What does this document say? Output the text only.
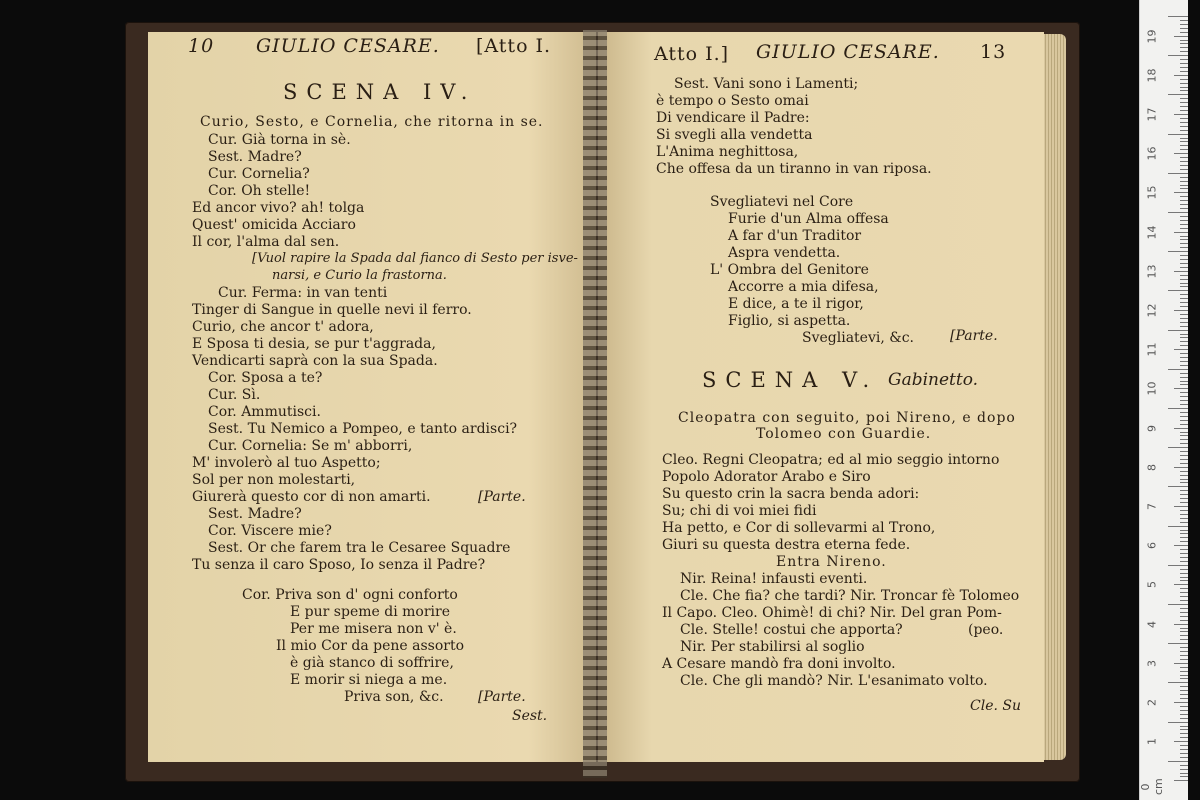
10 GIULIO CESARE. [Atto I.
SCENA IV.
Curio, Sesto, e Cornelia, che ritorna in se.
Cur. Già torna in sè.
Sest. Madre?
Cur. Cornelia?
Cor. Oh stelle!
Ed ancor vivo? ah! tolga
Quest' omicida Acciaro
Il cor, l'alma dal sen.
[Vuol rapire la Spada dal fianco di Sesto per isve-
narsi, e Curio la frastorna.
Cur. Ferma: in van tenti
Tinger di Sangue in quelle nevi il ferro.
Curio, che ancor t' adora,
E Sposa ti desia, se pur t'aggrada,
Vendicarti saprà con la sua Spada.
Cor. Sposa a te?
Cur. Sì.
Cor. Ammutisci.
Sest. Tu Nemico a Pompeo, e tanto ardisci?
Cur. Cornelia: Se m' abborri,
M' involerò al tuo Aspetto;
Sol per non molestarti,
Giurerà questo cor di non amarti.	[Parte.
Sest. Madre?
Cor. Viscere mie?
Sest. Or che farem tra le Cesaree Squadre
Tu senza il caro Sposo, Io senza il Padre?
Cor. Priva son d' ogni conforto
E pur speme di morire
Per me misera non v' è.
Il mio Cor da pene assorto
è già stanco di soffrire,
E morir si niega a me.
Priva son, &c. [Parte.
Sest.
Atto I.] GIULIO CESARE. 13
Sest. Vani sono i Lamenti;
è tempo o Sesto omai
Di vendicare il Padre:
Si svegli alla vendetta
L'Anima neghittosa,
Che offesa da un tiranno in van riposa.
Svegliatevi nel Core
Furie d'un Alma offesa
A far d'un Traditor
Aspra vendetta.
L' Ombra del Genitore
Accorre a mia difesa,
E dice, a te il rigor,
Figlio, si aspetta.
Svegliatevi, &c.	[Parte.
SCENA V. Gabinetto.
Cleopatra con seguito, poi Nireno, e dopo
Tolomeo con Guardie.
Cleo. Regni Cleopatra; ed al mio seggio intorno
Popolo Adorator Arabo e Siro
Su questo crin la sacra benda adori:
Su; chi di voi miei fidi
Ha petto, e Cor di sollevarmi al Trono,
Giuri su questa destra eterna fede.
Entra Nireno.
Nir. Reina! infausti eventi.
Cle. Che fia? che tardi? Nir. Troncar fè Tolomeo
Il Capo. Cleo. Ohimè! di chi? Nir. Del gran Pom-
Cle. Stelle! costui che apporta?	(peo.
Nir. Per stabilirsi al soglio
A Cesare mandò fra doni involto.
Cle. Che gli mandò? Nir. L'esanimato volto.
Cle. Su
19
18
17
16
15
14
13
12
11
10
9
8
7
6
5
4
3
2
1
0 cm
